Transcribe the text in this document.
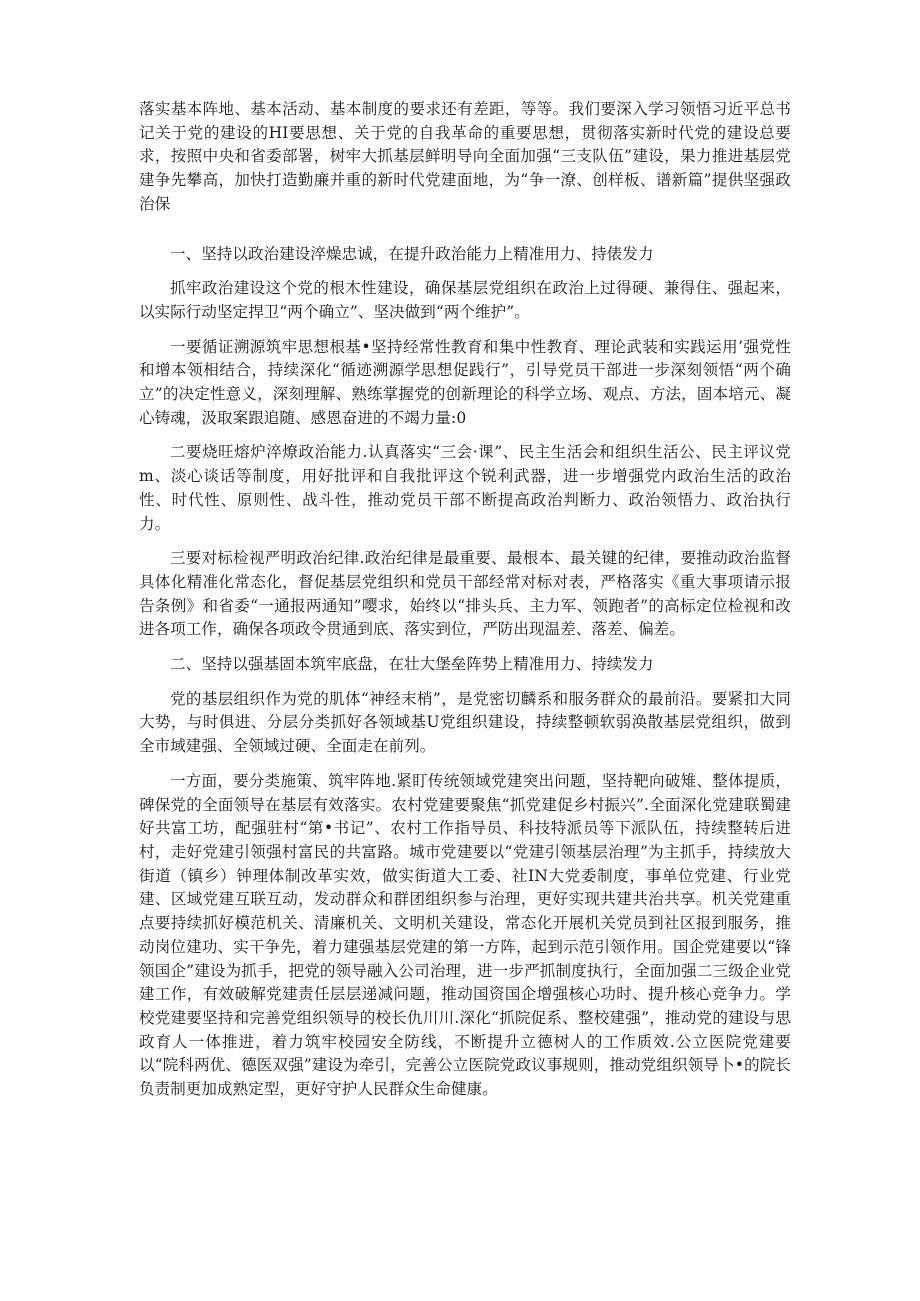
落实基本阵地、基本活动、基本制度的要求还有差距，等等。我们要深入学习领悟习近平总书记关于党的建设的HI要思想、关于党的自我革命的重要思想，贯彻落实新时代党的建设总要求，按照中央和省委部署，树牢大抓基层鲜明导向全面加强“三支队伍”建设，果力推进基层党建争先攀高，加快打造勤廉并重的新时代党建面地，为“争一潦、创样板、谱新篇”提供坚强政治保

一、坚持以政治建设淬燥忠诚，在提升政治能力上精准用力、持俵发力

抓牢政治建设这个党的根木性建设，确保基层党组织在政治上过得硬、兼得住、强起来，以实际行动坚定捍卫“两个确立”、坚决做到“两个维护”。

一要循证溯源筑牢思想根基•坚持经常性教育和集中性教育、理论武装和实践运用’强党性和增本领相结合，持续深化“循迹溯源学思想促践行”，引导党员干部进一步深刻领悟“两个确立”的决定性意义，深刻理解、熟练掌握党的创新理论的科学立场、观点、方法，固本培元、凝心铸魂，汲取案跟追随、感恩奋进的不竭力量:0

二要烧旺熔炉淬燎政治能力.认真落实“三会·课”、民主生活会和组织生活公、民主评议党m、淡心谈话等制度，用好批评和自我批评这个锐利武器，进一步增强党内政治生活的政治性、时代性、原则性、战斗性，推动党员干部不断提高政治判断力、政治领悟力、政治执行力。

三要对标检视严明政治纪律.政治纪律是最重要、最根本、最关键的纪律，要推动政治监督具体化精准化常态化，督促基层党组织和党员干部经常对标对表，严格落实《重大事项请示报告条例》和省委“一通报两通知”嘤求，始终以“排头兵、主力军、领跑者”的高标定位检视和改进各项工作，确保各项政令贯通到底、落实到位，严防出现温差、落差、偏差。

二、坚持以强基固本筑牢底盘，在壮大堡垒阵势上精准用力、持续发力

党的基层组织作为党的肌体“神经末梢”，是党密切麟系和服务群众的最前沿。要紧扣大同大势，与时俱进、分层分类抓好各领域基U党组织建设，持续整顿软弱涣散基层党组织，做到全市域建强、全领域过硬、全面走在前列。

一方面，要分类施策、筑牢阵地.紧盯传统领域党建突出问题，坚持靶向破雉、整体提质，碑保党的全面领导在基层有效落实。农村党建要聚焦“抓党建促乡村振兴”.全面深化党建联蜀建好共富工坊，配强驻村“第•书记”、农村工作指导员、科技特派员等下派队伍，持续整转后进村，走好党建引领强村富民的共富路。城市党建要以“党建引领基层治理”为主抓手，持续放大街道（镇乡）钟理体制改革实效，做实街道大工委、社IN大党委制度，事单位党建、行业党建、区域党建互联互动，发动群众和群团组织参与治理，更好实现共建共治共享。机关党建重点要持续抓好模范机关、清廉机关、文明机关建设，常态化开展机关党员到社区报到服务，推动岗位建功、实干争先，着力建强基层党建的第一方阵，起到示范引领作用。国企党建要以“锋领国企”建设为抓手，把党的领导融入公司治理，进一步严抓制度执行，全面加强二三级企业党建工作，有效破解党建责任层层递减问题，推动国资国企增强核心功时、提升核心竞争力。学校党建要坚持和完善党组织领导的校长仇川川.深化“抓院促系、整校建强”，推动党的建设与思政育人一体推进，着力筑牢校园安全防线，不断提升立德树人的工作质效.公立医院党建要以“院科两优、德医双强”建设为牵引，完善公立医院党政议事规则，推动党组织领导卜•的院长负责制更加成熟定型，更好守护人民群众生命健康。
